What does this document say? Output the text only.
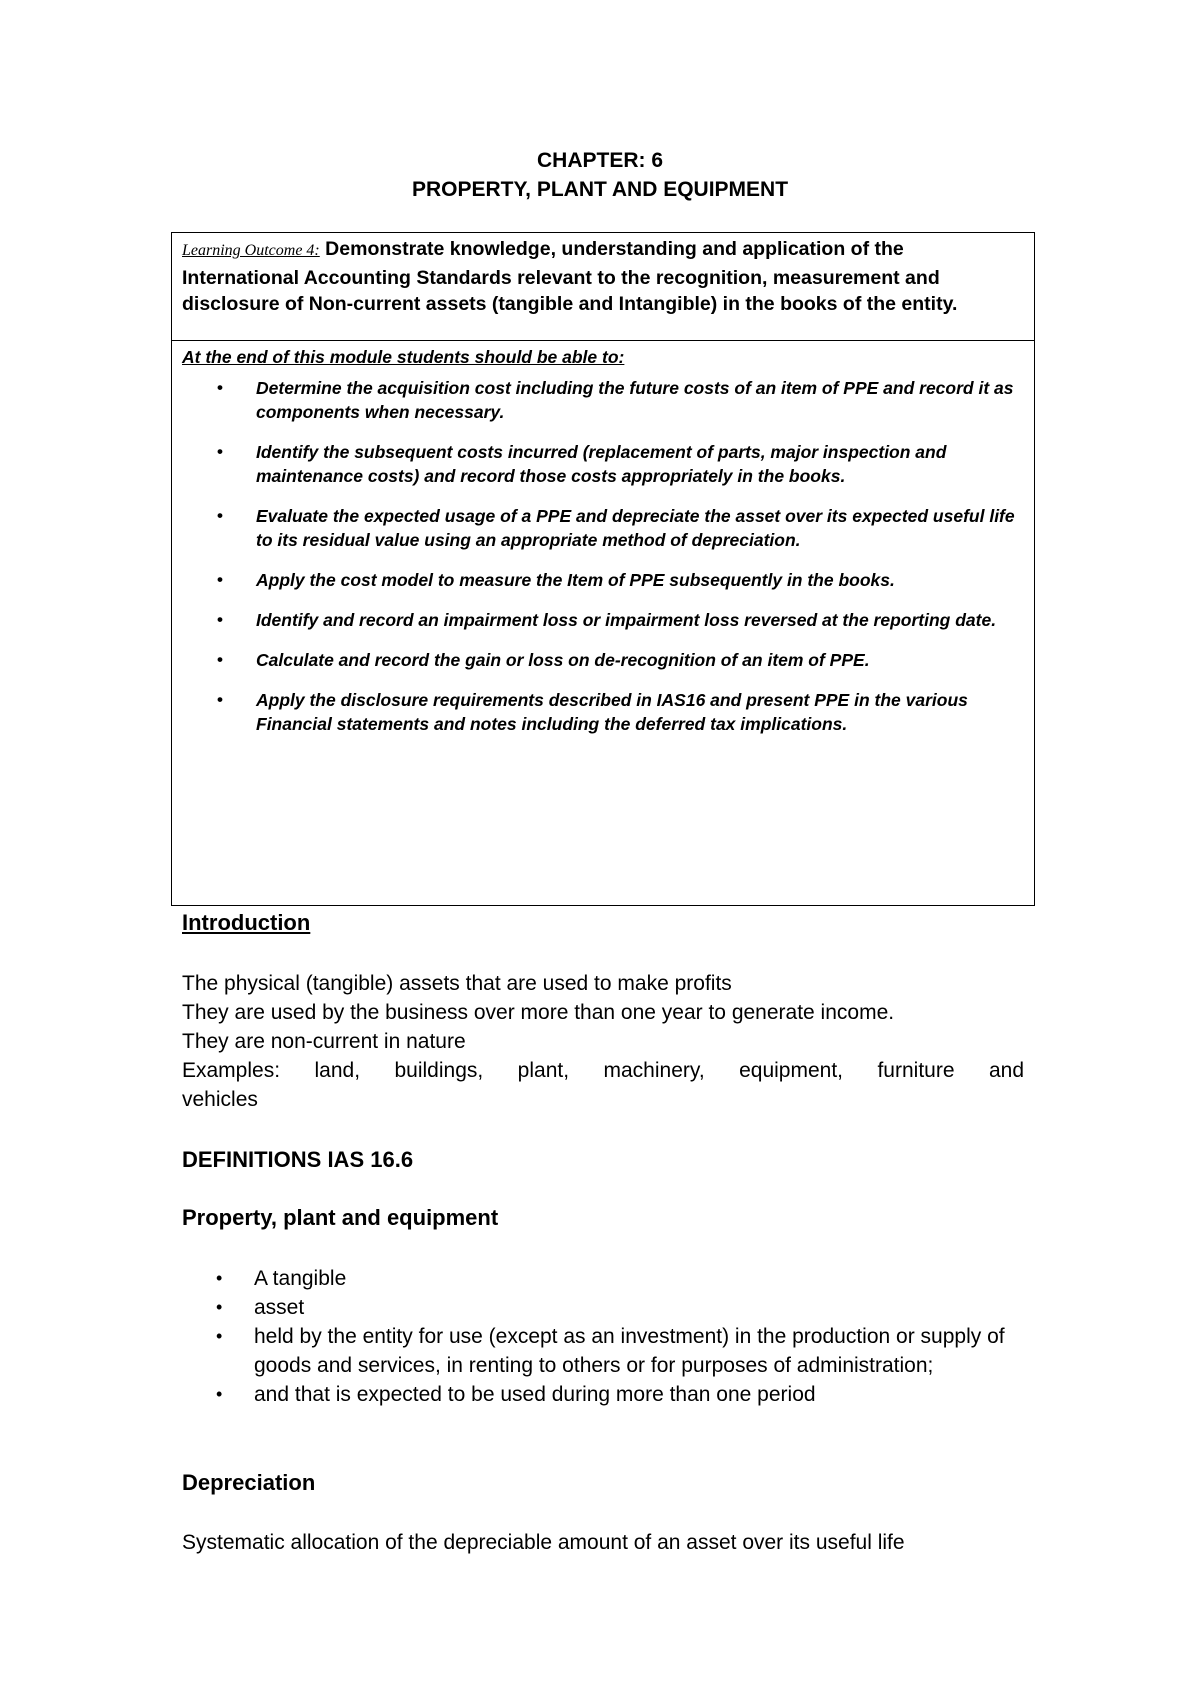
CHAPTER: 6
PROPERTY, PLANT AND EQUIPMENT
Learning Outcome 4: Demonstrate knowledge, understanding and application of the International Accounting Standards relevant to the recognition, measurement and disclosure of Non-current assets (tangible and Intangible) in the books of the entity.
At the end of this module students should be able to:
• Determine the acquisition cost including the future costs of an item of PPE and record it as components when necessary.
• Identify the subsequent costs incurred (replacement of parts, major inspection and maintenance costs) and record those costs appropriately in the books.
• Evaluate the expected usage of a PPE and depreciate the asset over its expected useful life to its residual value using an appropriate method of depreciation.
• Apply the cost model to measure the Item of PPE subsequently in the books.
• Identify and record an impairment loss or impairment loss reversed at the reporting date.
• Calculate and record the gain or loss on de-recognition of an item of PPE.
• Apply the disclosure requirements described in IAS16 and present PPE in the various Financial statements and notes including the deferred tax implications.
Introduction
The physical (tangible) assets that are used to make profits
They are used by the business over more than one year to generate income.
They are non-current in nature
Examples: land, buildings, plant, machinery, equipment, furniture and
vehicles
DEFINITIONS IAS 16.6
Property, plant and equipment
• A tangible
• asset
• held by the entity for use (except as an investment) in the production or supply of goods and services, in renting to others or for purposes of administration;
• and that is expected to be used during more than one period
Depreciation
Systematic allocation of the depreciable amount of an asset over its useful life
